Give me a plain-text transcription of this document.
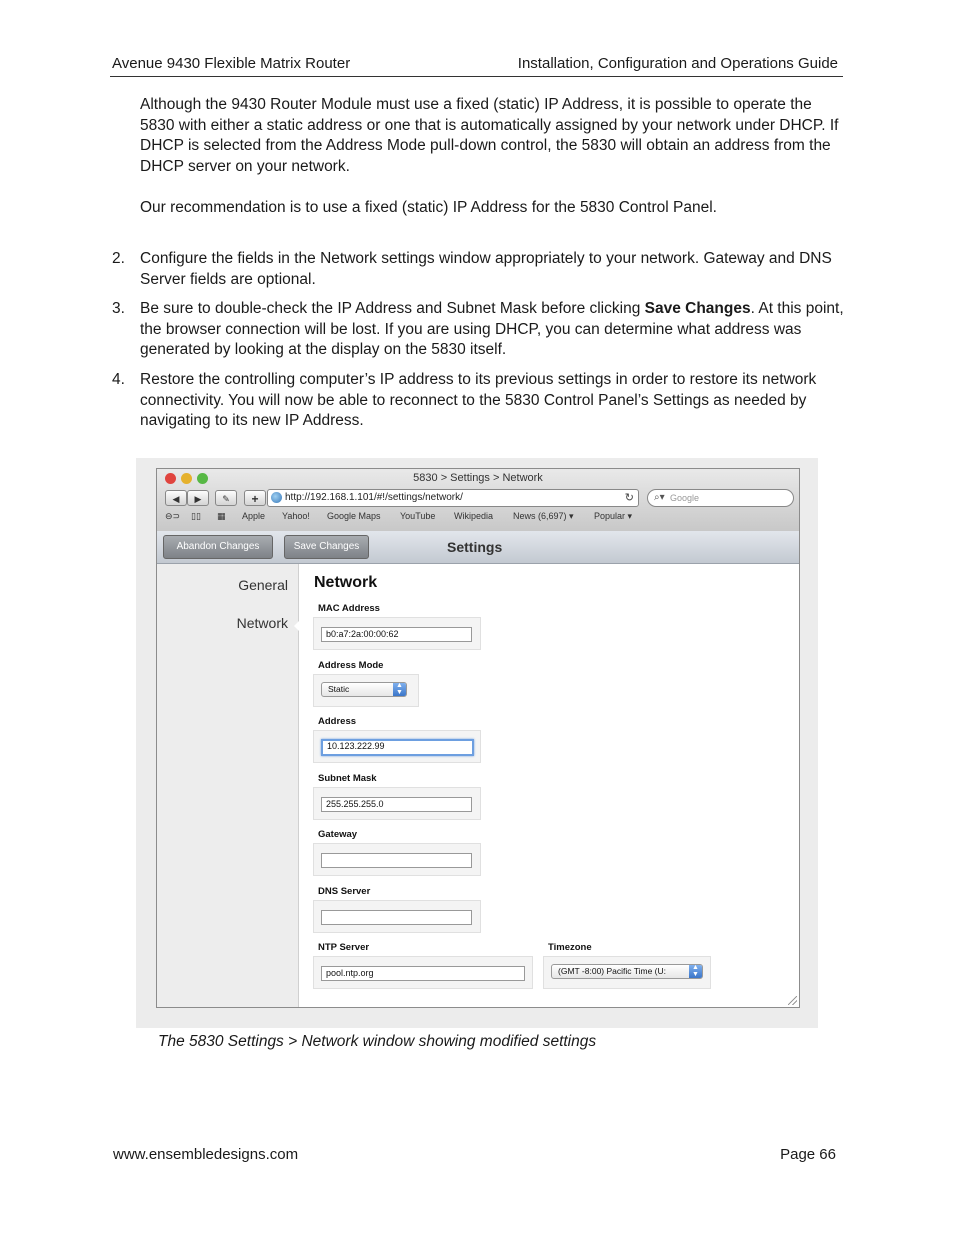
Avenue 9430 Flexible Matrix Router	Installation, Configuration and Operations Guide
Although the 9430 Router Module must use a fixed (static) IP Address, it is possible to operate the 5830 with either a static address or one that is automatically assigned by your network under DHCP. If DHCP is selected from the Address Mode pull-down control, the 5830 will obtain an address from the DHCP server on your network.
Our recommendation is to use a fixed (static) IP Address for the 5830 Control Panel.
2. Configure the fields in the Network settings window appropriately to your network. Gateway and DNS Server fields are optional.
3. Be sure to double-check the IP Address and Subnet Mask before clicking Save Changes. At this point, the browser connection will be lost. If you are using DHCP, you can determine what address was generated by looking at the display on the 5830 itself.
4. Restore the controlling computer’s IP address to its previous settings in order to restore its network connectivity. You will now be able to reconnect to the 5830 Control Panel’s Settings as needed by navigating to its new IP Address.
5830 > Settings > Network
◀	▶	✎	+	http://192.168.1.101/#!/settings/network/	↻ ⌕▾ Google
⊖⊃ ▯▯ ▦ Apple Yahoo! Google Maps YouTube Wikipedia News (6,697) ▾ Popular ▾
Abandon Changes	Save Changes	Settings
General
Network
Network
MAC Address
b0:a7:2a:00:00:62
Address Mode
Static	▲
▼
Address
10.123.222.99
Subnet Mask
255.255.255.0
Gateway
DNS Server
NTP Server
pool.ntp.org
Timezone
(GMT -8:00) Pacific Time (U:	▲
▼
The 5830 Settings > Network window showing modified settings
www.ensembledesigns.com	Page 66
